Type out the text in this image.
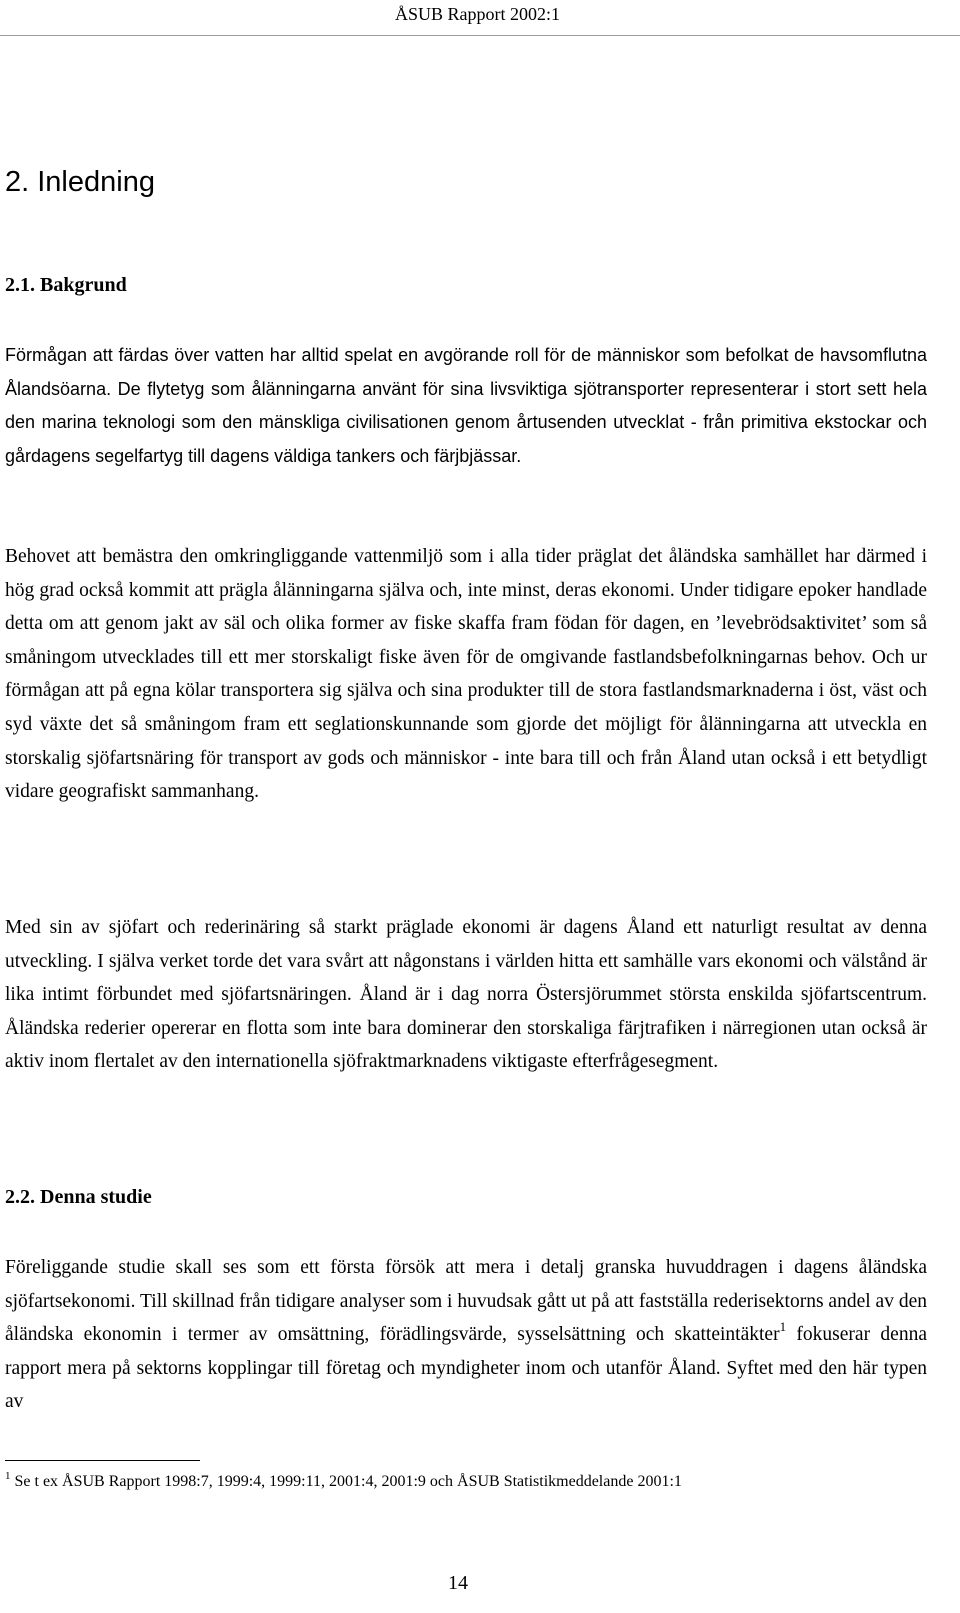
ÅSUB Rapport 2002:1
2. Inledning
2.1. Bakgrund

Förmågan att färdas över vatten har alltid spelat en avgörande roll för de människor som befolkat de havsomflutna Ålandsöarna. De flytetyg som ålänningarna använt för sina livsviktiga sjötransporter representerar i stort sett hela den marina teknologi som den mänskliga civilisationen genom årtusenden utvecklat - från primitiva ekstockar och gårdagens segelfartyg till dagens väldiga tankers och färjbjässar.

Behovet att bemästra den omkringliggande vattenmiljö som i alla tider präglat det åländska samhället har därmed i hög grad också kommit att prägla ålänningarna själva och, inte minst, deras ekonomi. Under tidigare epoker handlade detta om att genom jakt av säl och olika former av fiske skaffa fram födan för dagen, en ’levebrödsaktivitet’ som så småningom utvecklades till ett mer storskaligt fiske även för de omgivande fastlandsbefolkningarnas behov. Och ur förmågan att på egna kölar transportera sig själva och sina produkter till de stora fastlandsmarknaderna i öst, väst och syd växte det så småningom fram ett seglationskunnande som gjorde det möjligt för ålänningarna att utveckla en storskalig sjöfartsnäring för transport av gods och människor - inte bara till och från Åland utan också i ett betydligt vidare geografiskt sammanhang.

Med sin av sjöfart och rederinäring så starkt präglade ekonomi är dagens Åland ett naturligt resultat av denna utveckling. I själva verket torde det vara svårt att någonstans i världen hitta ett samhälle vars ekonomi och välstånd är lika intimt förbundet med sjöfartsnäringen. Åland är i dag norra Östersjörummet största enskilda sjöfartscentrum. Åländska rederier opererar en flotta som inte bara dominerar den storskaliga färjtrafiken i närregionen utan också är aktiv inom flertalet av den internationella sjöfraktmarknadens viktigaste efterfrågesegment.

2.2. Denna studie

Föreliggande studie skall ses som ett första försök att mera i detalj granska huvuddragen i dagens åländska sjöfartsekonomi. Till skillnad från tidigare analyser som i huvudsak gått ut på att fastställa rederisektorns andel av den åländska ekonomin i termer av omsättning, förädlingsvärde, sysselsättning och skatteintäkter$^1$ fokuserar denna rapport mera på sektorns kopplingar till företag och myndigheter inom och utanför Åland. Syftet med den här typen av

$^1$ Se t ex ÅSUB Rapport 1998:7, 1999:4, 1999:11, 2001:4, 2001:9 och ÅSUB Statistikmeddelande 2001:1

14
